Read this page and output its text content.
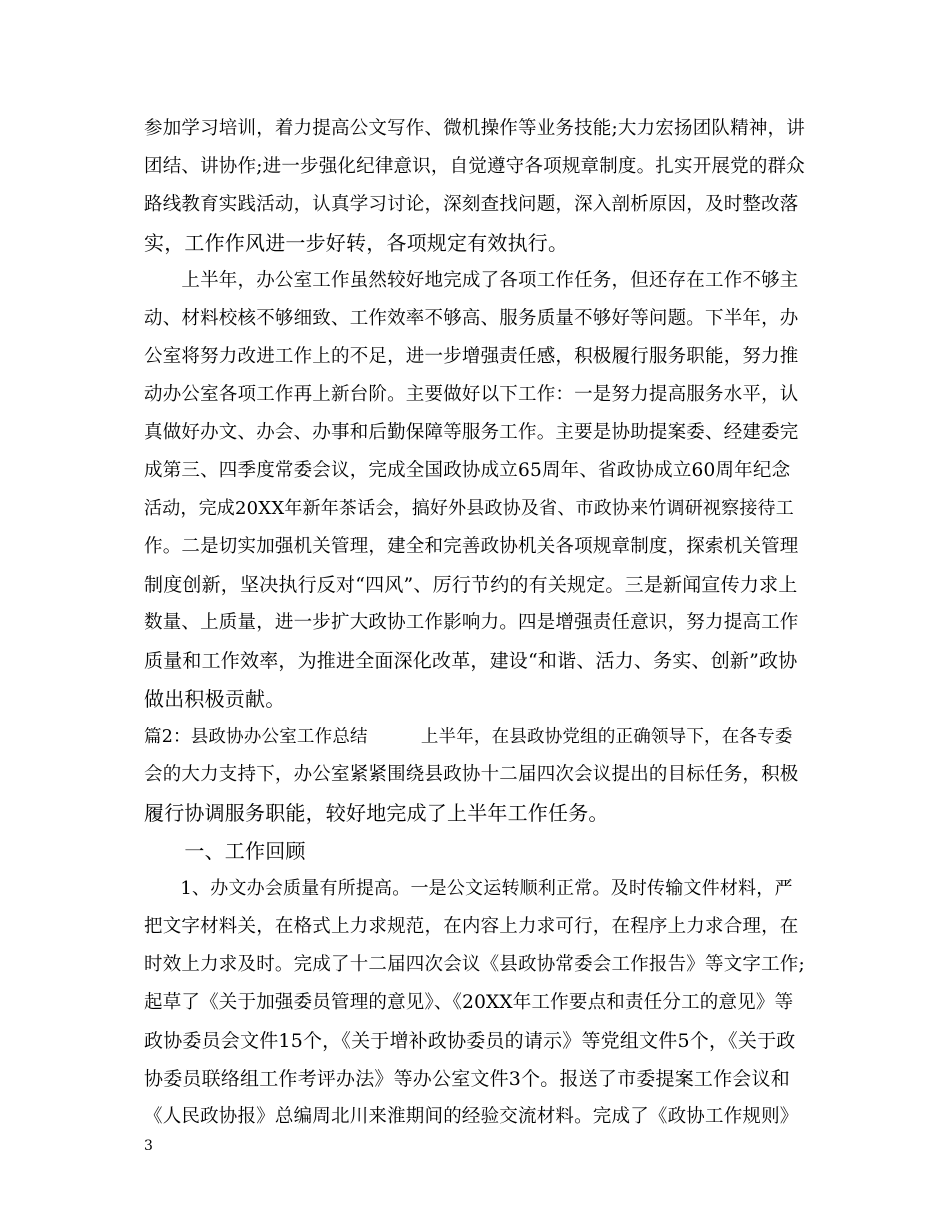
参加学习培训，着力提高公文写作、微机操作等业务技能;大力宏扬团队精神，讲
团结、讲协作;进一步强化纪律意识，自觉遵守各项规章制度。扎实开展党的群众
路线教育实践活动，认真学习讨论，深刻查找问题，深入剖析原因，及时整改落
实，工作作风进一步好转，各项规定有效执行。
　　上半年，办公室工作虽然较好地完成了各项工作任务，但还存在工作不够主
动、材料校核不够细致、工作效率不够高、服务质量不够好等问题。下半年，办
公室将努力改进工作上的不足，进一步增强责任感，积极履行服务职能，努力推
动办公室各项工作再上新台阶。主要做好以下工作：一是努力提高服务水平，认
真做好办文、办会、办事和后勤保障等服务工作。主要是协助提案委、经建委完
成第三、四季度常委会议，完成全国政协成立65周年、省政协成立60周年纪念
活动，完成20XX年新年茶话会，搞好外县政协及省、市政协来竹调研视察接待工
作。二是切实加强机关管理，建全和完善政协机关各项规章制度，探索机关管理
制度创新，坚决执行反对“四风”、厉行节约的有关规定。三是新闻宣传力求上
数量、上质量，进一步扩大政协工作影响力。四是增强责任意识，努力提高工作
质量和工作效率，为推进全面深化改革，建设“和谐、活力、务实、创新”政协
做出积极贡献。
篇2：县政协办公室工作总结　　　上半年，在县政协党组的正确领导下，在各专委
会的大力支持下，办公室紧紧围绕县政协十二届四次会议提出的目标任务，积极
履行协调服务职能，较好地完成了上半年工作任务。
　　一、工作回顾
　　1、办文办会质量有所提高。一是公文运转顺利正常。及时传输文件材料，严
把文字材料关，在格式上力求规范，在内容上力求可行，在程序上力求合理，在
时效上力求及时。完成了十二届四次会议《县政协常委会工作报告》等文字工作;
起草了《关于加强委员管理的意见》、《20XX年工作要点和责任分工的意见》等
政协委员会文件15个，《关于增补政协委员的请示》等党组文件5个，《关于政
协委员联络组工作考评办法》等办公室文件3个。报送了市委提案工作会议和
《人民政协报》总编周北川来淮期间的经验交流材料。完成了《政协工作规则》
3
